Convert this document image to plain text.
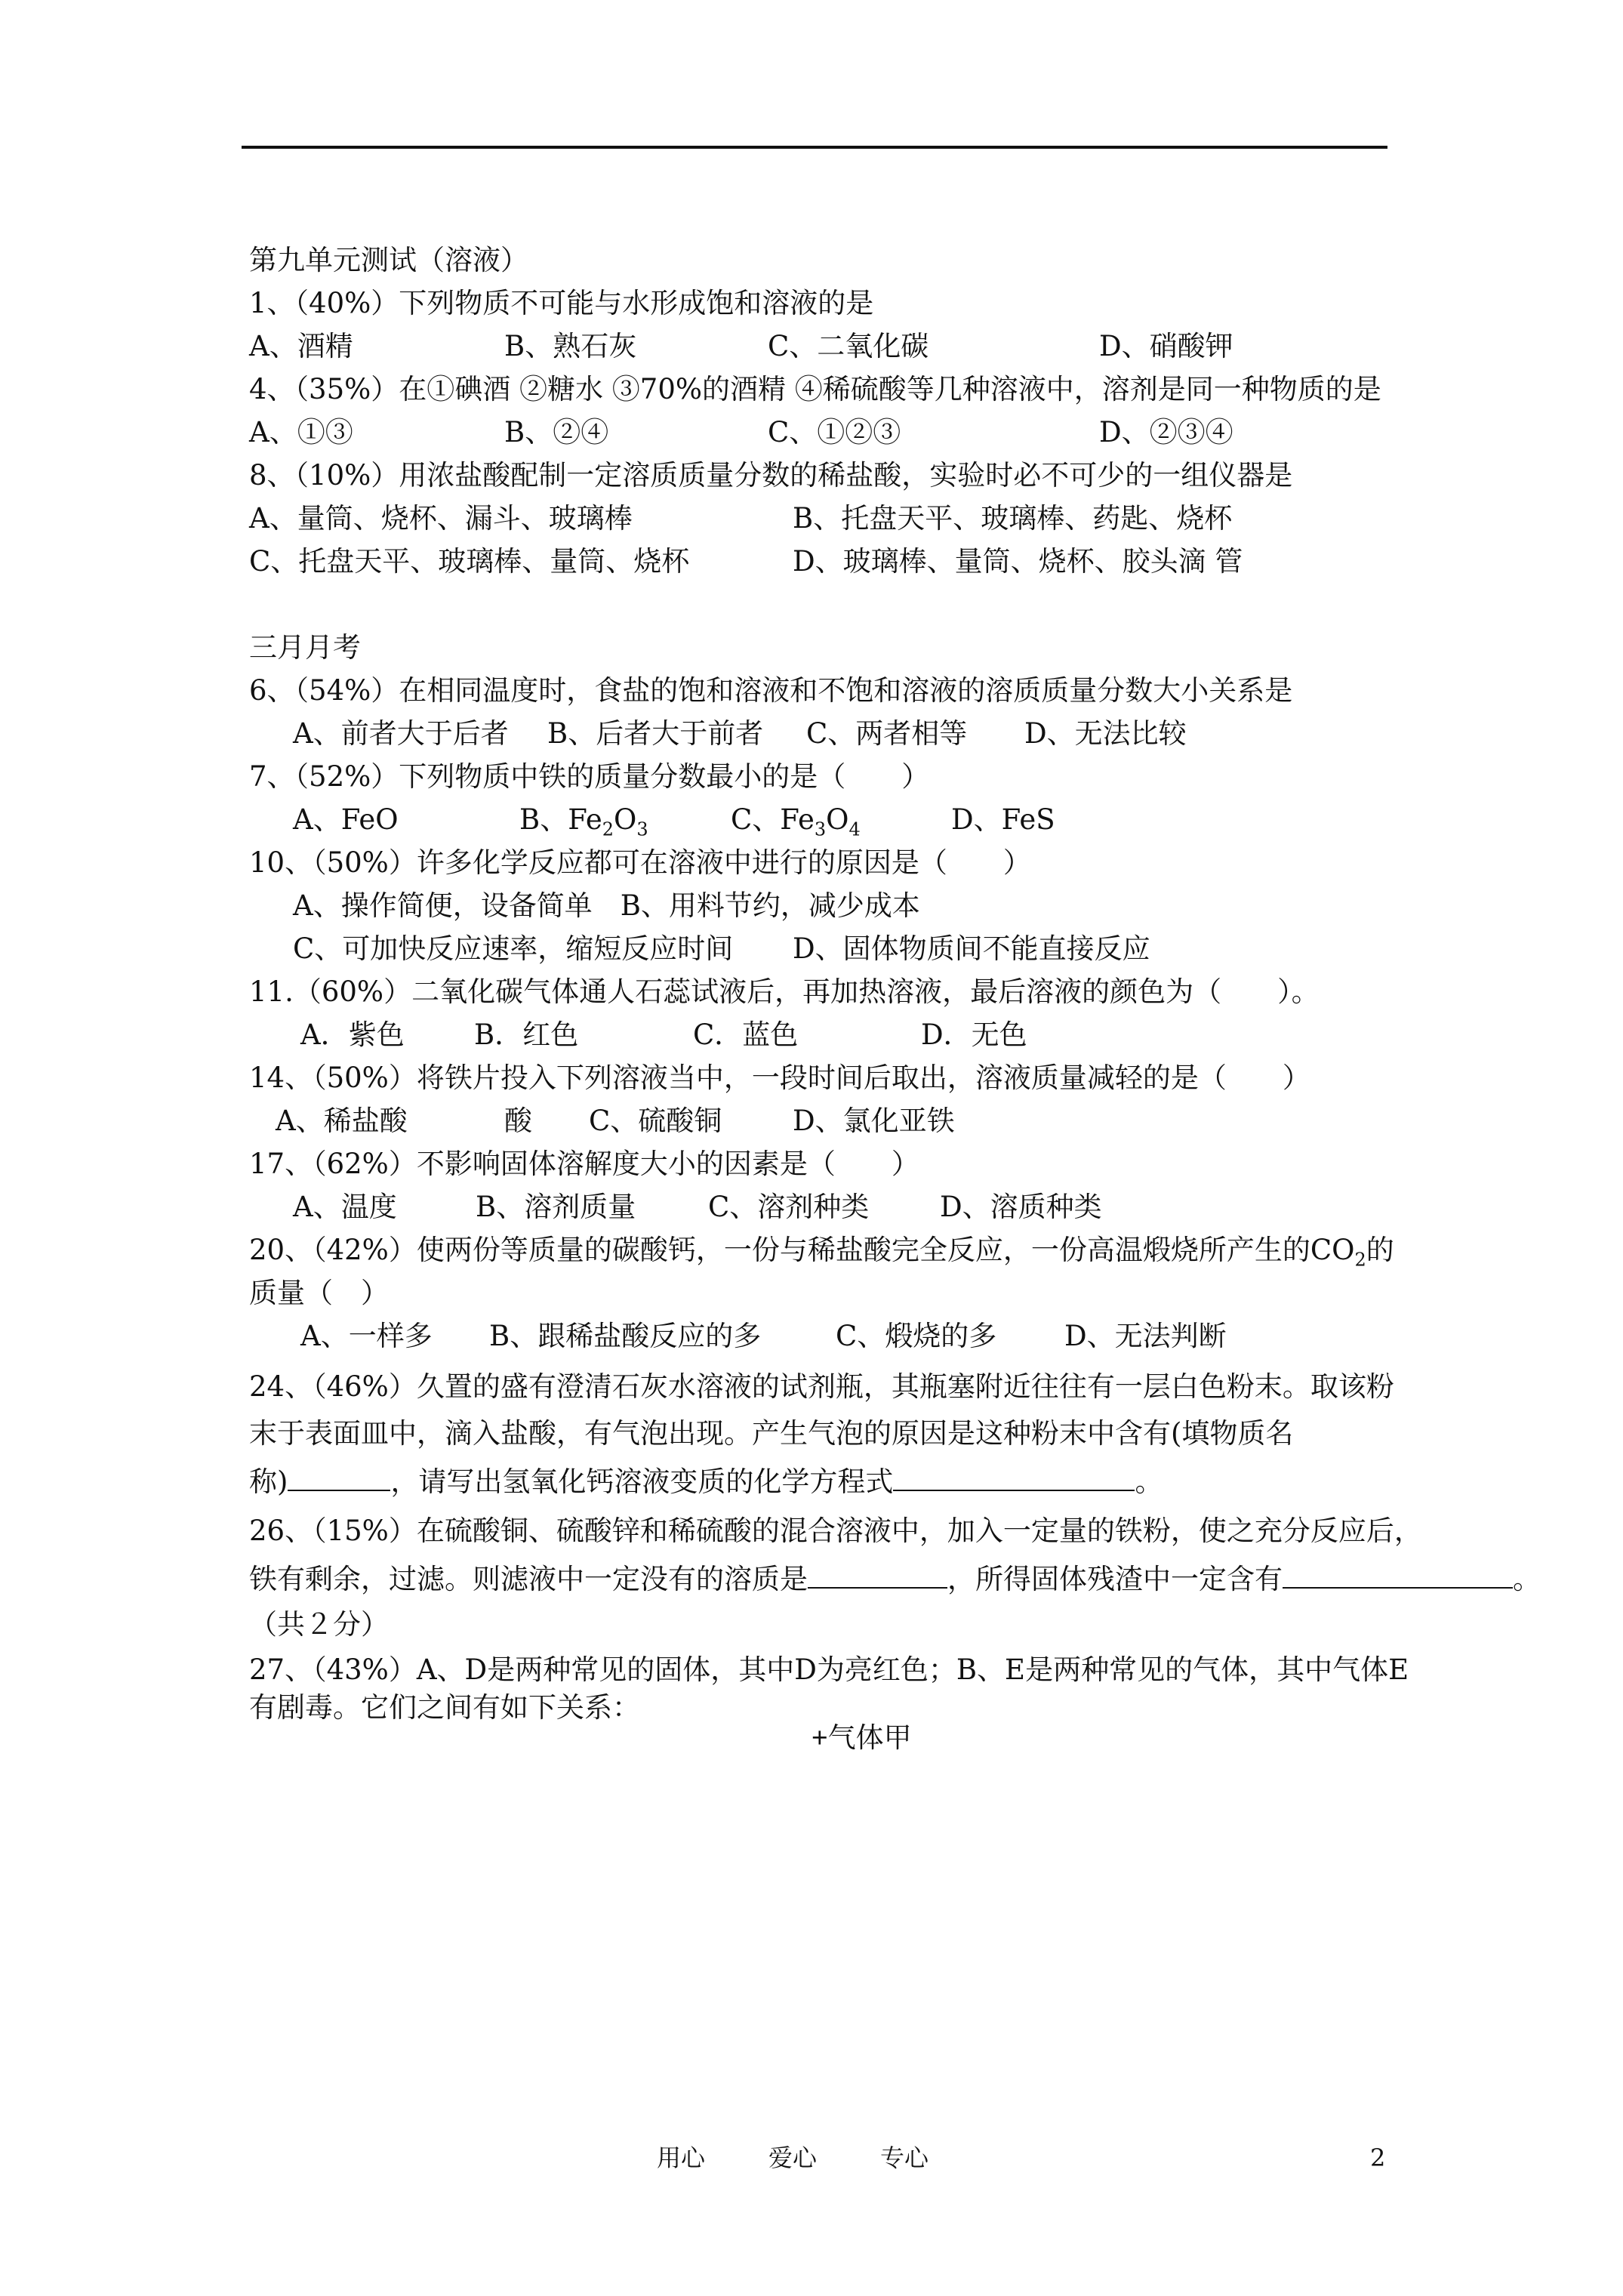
第九单元测试（溶液）
1、（40%）下列物质不可能与水形成饱和溶液的是
A、酒精	B、熟石灰	C、二氧化碳	D、硝酸钾
4、（35%）在①碘酒 ②糖水 ③70%的酒精 ④稀硫酸等几种溶液中，溶剂是同一种物质的是
A、①③	B、②④	C、①②③	D、②③④
8、（10%）用浓盐酸配制一定溶质质量分数的稀盐酸，实验时必不可少的一组仪器是
A、量筒、烧杯、漏斗、玻璃棒	B、托盘天平、玻璃棒、药匙、烧杯
C、托盘天平、玻璃棒、量筒、烧杯	D、玻璃棒、量筒、烧杯、胶头滴 管
三月月考
6、（54%）在相同温度时，食盐的饱和溶液和不饱和溶液的溶质质量分数大小关系是
A、前者大于后者 B、后者大于前者 C、两者相等 D、无法比较
7、（52%）下列物质中铁的质量分数最小的是（　　）
A、FeO	B、$Fe_2O_3$	C、$Fe_3O_4$	D、FeS
10、（50%）许多化学反应都可在溶液中进行的原因是（　　）
A、操作简便，设备简单　B、用料节约，减少成本
C、可加快反应速率，缩短反应时间 D、固体物质间不能直接反应
11.（60%）二氧化碳气体通人石蕊试液后，再加热溶液，最后溶液的颜色为（　　）。
A．紫色 B．红色	C．蓝色	D．无色
14、（50%）将铁片投入下列溶液当中，一段时间后取出，溶液质量减轻的是（　　）
A、稀盐酸	酸 C、硫酸铜	D、氯化亚铁
17、（62%）不影响固体溶解度大小的因素是（　　）
A、温度	B、溶剂质量	C、溶剂种类	D、溶质种类
20、（42%）使两份等质量的碳酸钙，一份与稀盐酸完全反应，一份高温煅烧所产生的$CO_2$的
质量（　）
A、一样多 B、跟稀盐酸反应的多	C、煅烧的多 D、无法判断
24、（46%）久置的盛有澄清石灰水溶液的试剂瓶，其瓶塞附近往往有一层白色粉末。取该粉
末于表面皿中，滴入盐酸，有气泡出现。产生气泡的原因是这种粉末中含有(填物质名
称)	，请写出氢氧化钙溶液变质的化学方程式	。
26、（15%）在硫酸铜、硫酸锌和稀硫酸的混合溶液中，加入一定量的铁粉，使之充分反应后，
铁有剩余，过滤。则滤液中一定没有的溶质是	，所得固体残渣中一定含有	。
（共２分）
27、（43%）A、D是两种常见的固体，其中D为亮红色；B、E是两种常见的气体，其中气体E
有剧毒。它们之间有如下关系：
+气体甲
用心	爱心	专心	2
